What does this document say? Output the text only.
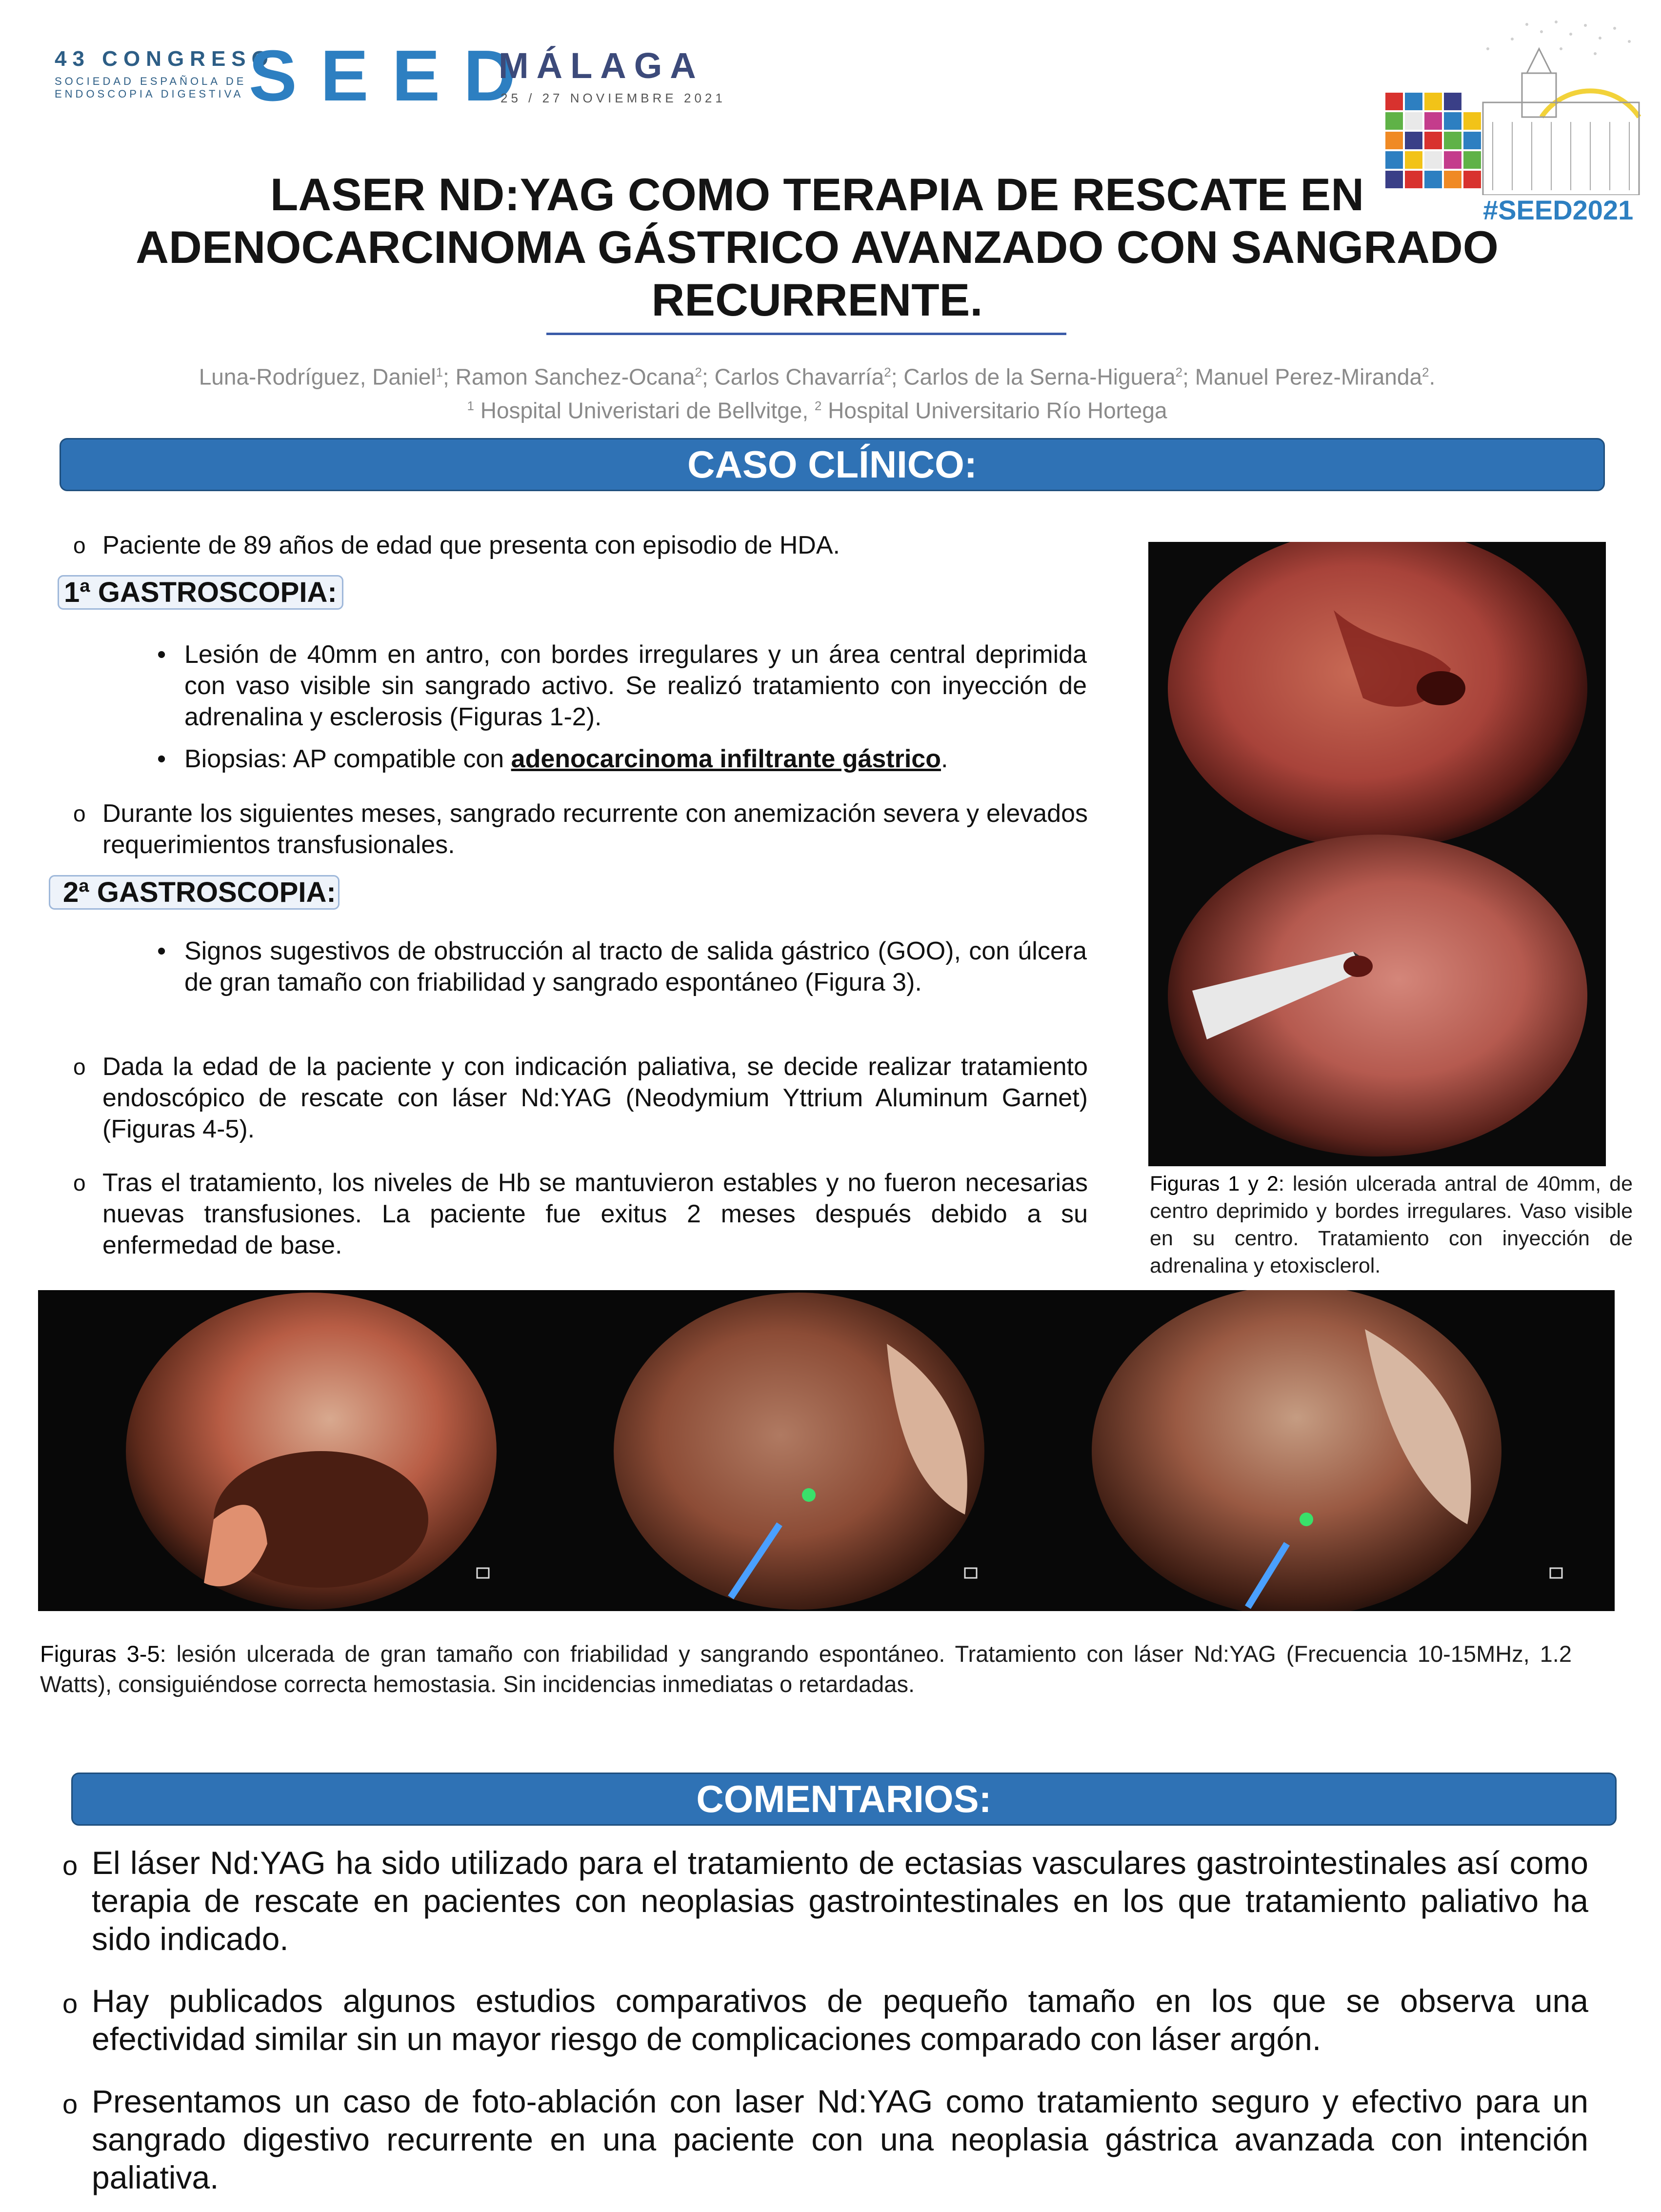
43 CONGRESO
SOCIEDAD ESPAÑOLA DE
ENDOSCOPIA DIGESTIVA SEED
MÁLAGA
25 / 27 NOVIEMBRE 2021
#SEED2021
LASER ND:YAG COMO TERAPIA DE RESCATE EN
ADENOCARCINOMA GÁSTRICO AVANZADO CON SANGRADO
RECURRENTE.
Luna-Rodríguez, Daniel$^1$; Ramon Sanchez-Ocana$^2$; Carlos Chavarría$^2$; Carlos de la Serna-Higuera$^2$; Manuel Perez-Miranda$^2$.
$^1$ Hospital Univeristari de Bellvitge, $^2$ Hospital Universitario Río Hortega
CASO CLÍNICO:
o Paciente de 89 años de edad que presenta con episodio de HDA.
1ª GASTROSCOPIA:
• Lesión de 40mm en antro, con bordes irregulares y un área central deprimida con vaso visible sin sangrado activo. Se realizó tratamiento con inyección de adrenalina y esclerosis (Figuras 1-2).
• Biopsias: AP compatible con adenocarcinoma infiltrante gástrico.
o Durante los siguientes meses, sangrado recurrente con anemización severa y elevados requerimientos transfusionales.
2ª GASTROSCOPIA:
• Signos sugestivos de obstrucción al tracto de salida gástrico (GOO), con úlcera de gran tamaño con friabilidad y sangrado espontáneo (Figura 3).
o Dada la edad de la paciente y con indicación paliativa, se decide realizar tratamiento endoscópico de rescate con láser Nd:YAG (Neodymium Yttrium Aluminum Garnet) (Figuras 4-5).
o Tras el tratamiento, los niveles de Hb se mantuvieron estables y no fueron necesarias nuevas transfusiones. La paciente fue exitus 2 meses después debido a su enfermedad de base.
Figuras 1 y 2: lesión ulcerada antral de 40mm, de centro deprimido y bordes irregulares. Vaso visible en su centro. Tratamiento con inyección de adrenalina y etoxisclerol.
Figuras 3-5: lesión ulcerada de gran tamaño con friabilidad y sangrando espontáneo. Tratamiento con láser Nd:YAG (Frecuencia 10-15MHz, 1.2 Watts), consiguiéndose correcta hemostasia. Sin incidencias inmediatas o retardadas.
COMENTARIOS:
o El láser Nd:YAG ha sido utilizado para el tratamiento de ectasias vasculares gastrointestinales así como terapia de rescate en pacientes con neoplasias gastrointestinales en los que tratamiento paliativo ha sido indicado.
o Hay publicados algunos estudios comparativos de pequeño tamaño en los que se observa una efectividad similar sin un mayor riesgo de complicaciones comparado con láser argón.
o Presentamos un caso de foto-ablación con laser Nd:YAG como tratamiento seguro y efectivo para un sangrado digestivo recurrente en una paciente con una neoplasia gástrica avanzada con intención paliativa.
